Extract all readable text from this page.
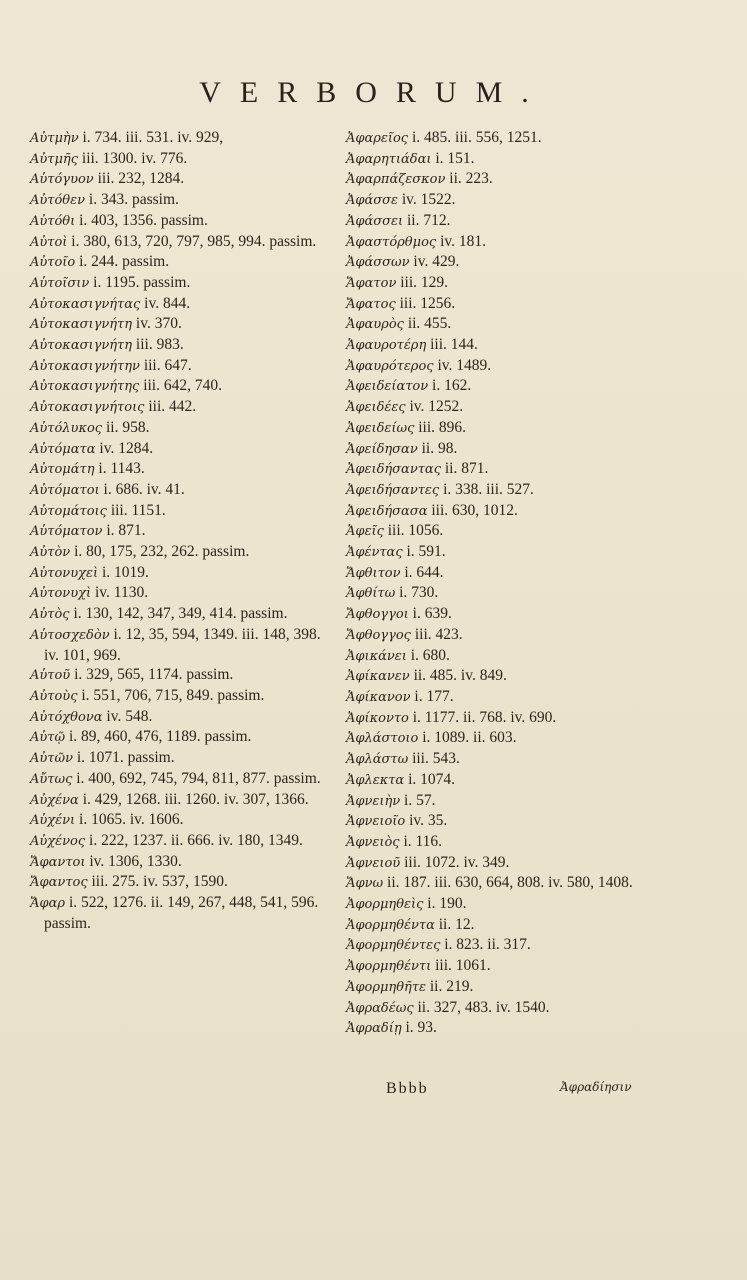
VERBORUM.
Αὐτμὴν i. 734. iii. 531. iv. 929,
Αὐτμῆς iii. 1300. iv. 776.
Αὐτόγυον iii. 232, 1284.
Αὐτόθεν i. 343. passim.
Αὐτόθι i. 403, 1356. passim.
Αὐτοὶ i. 380, 613, 720, 797, 985, 994. passim.
Αὐτοῖο i. 244. passim.
Αὐτοῖσιν i. 1195. passim.
Αὐτοκασιγνήτας iv. 844.
Αὐτοκασιγνήτη iv. 370.
Αὐτοκασιγνήτη iii. 983.
Αὐτοκασιγνήτην iii. 647.
Αὐτοκασιγνήτης iii. 642, 740.
Αὐτοκασιγνήτοις iii. 442.
Αὐτόλυκος ii. 958.
Αὐτόματα iv. 1284.
Αὐτομάτη i. 1143.
Αὐτόματοι i. 686. iv. 41.
Αὐτομάτοις iii. 1151.
Αὐτόματον i. 871.
Αὐτὸν i. 80, 175, 232, 262. passim.
Αὐτονυχεὶ i. 1019.
Αὐτονυχὶ iv. 1130.
Αὐτὸς i. 130, 142, 347, 349, 414. passim.
Αὐτοσχεδὸν i. 12, 35, 594, 1349. iii. 148, 398. iv. 101, 969.
Αὐτοῦ i. 329, 565, 1174. passim.
Αὐτοὺς i. 551, 706, 715, 849. passim.
Αὐτόχθονα iv. 548.
Αὐτῷ i. 89, 460, 476, 1189. passim.
Αὐτῶν i. 1071. passim.
Αὔτως i. 400, 692, 745, 794, 811, 877. passim.
Αὐχένα i. 429, 1268. iii. 1260. iv. 307, 1366.
Αὐχένι i. 1065. iv. 1606.
Αὐχένος i. 222, 1237. ii. 666. iv. 180, 1349.
Ἄφαντοι iv. 1306, 1330.
Ἄφαντος iii. 275. iv. 537, 1590.
Ἄφαρ i. 522, 1276. ii. 149, 267, 448, 541, 596. passim.
Ἀφαρεῖος i. 485. iii. 556, 1251.
Ἀφαρητιάδαι i. 151.
Ἀφαρπάζεσκον ii. 223.
Ἀφάσσε iv. 1522.
Ἀφάσσει ii. 712.
Ἀφαστόρθμος iv. 181.
Ἀφάσσων iv. 429.
Ἄφατον iii. 129.
Ἄφατος iii. 1256.
Ἀφαυρὸς ii. 455.
Ἀφαυροτέρη iii. 144.
Ἀφαυρότερος iv. 1489.
Ἀφειδείατον i. 162.
Ἀφειδέες iv. 1252.
Ἀφειδείως iii. 896.
Ἀφείδησαν ii. 98.
Ἀφειδήσαντας ii. 871.
Ἀφειδήσαντες i. 338. iii. 527.
Ἀφειδήσασα iii. 630, 1012.
Ἀφεῖς iii. 1056.
Ἀφέντας i. 591.
Ἄφθιτον i. 644.
Ἀφθίτω i. 730.
Ἄφθογγοι i. 639.
Ἄφθογγος iii. 423.
Ἀφικάνει i. 680.
Ἀφίκανεν ii. 485. iv. 849.
Ἀφίκανον i. 177.
Ἀφίκοντο i. 1177. ii. 768. iv. 690.
Ἀφλάστοιο i. 1089. ii. 603.
Ἀφλάστω iii. 543.
Ἀφλεκτα i. 1074.
Ἀφνειὴν i. 57.
Ἀφνειοῖο iv. 35.
Ἀφνειὸς i. 116.
Ἀφνειοῦ iii. 1072. iv. 349.
Ἄφνω ii. 187. iii. 630, 664, 808. iv. 580, 1408.
Ἀφορμηθεὶς i. 190.
Ἀφορμηθέντα ii. 12.
Ἀφορμηθέντες i. 823. ii. 317.
Ἀφορμηθέντι iii. 1061.
Ἀφορμηθῆτε ii. 219.
Ἀφραδέως ii. 327, 483. iv. 1540.
Ἀφραδίῃ i. 93.
Bbbb	Ἀφραδίησιν
